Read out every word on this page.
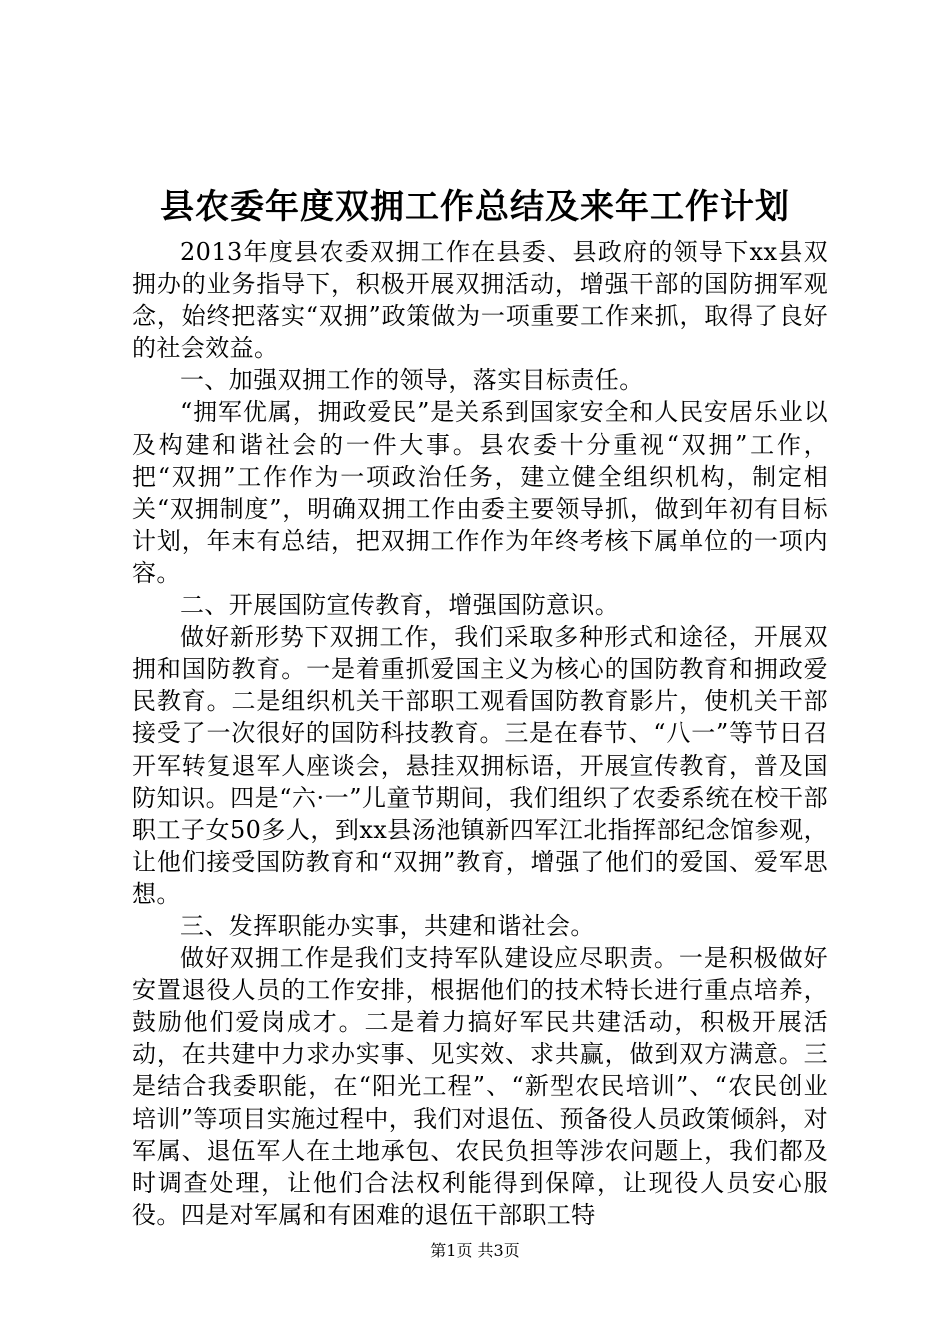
县农委年度双拥工作总结及来年工作计划

2013年度县农委双拥工作在县委、县政府的领导下xx县双拥办的业务指导下，积极开展双拥活动，增强干部的国防拥军观念，始终把落实“双拥”政策做为一项重要工作来抓，取得了良好的社会效益。

一、加强双拥工作的领导，落实目标责任。

“拥军优属，拥政爱民”是关系到国家安全和人民安居乐业以及构建和谐社会的一件大事。县农委十分重视“双拥”工作，把“双拥”工作作为一项政治任务，建立健全组织机构，制定相关“双拥制度”，明确双拥工作由委主要领导抓，做到年初有目标计划，年末有总结，把双拥工作作为年终考核下属单位的一项内容。

二、开展国防宣传教育，增强国防意识。

做好新形势下双拥工作，我们采取多种形式和途径，开展双拥和国防教育。一是着重抓爱国主义为核心的国防教育和拥政爱民教育。二是组织机关干部职工观看国防教育影片，使机关干部接受了一次很好的国防科技教育。三是在春节、“八一”等节日召开军转复退军人座谈会，悬挂双拥标语，开展宣传教育，普及国防知识。四是“六·一”儿童节期间，我们组织了农委系统在校干部职工子女50多人，到xx县汤池镇新四军江北指挥部纪念馆参观，让他们接受国防教育和“双拥”教育，增强了他们的爱国、爱军思想。

三、发挥职能办实事，共建和谐社会。

做好双拥工作是我们支持军队建设应尽职责。一是积极做好安置退役人员的工作安排，根据他们的技术特长进行重点培养，鼓励他们爱岗成才。二是着力搞好军民共建活动，积极开展活动，在共建中力求办实事、见实效、求共赢，做到双方满意。三是结合我委职能，在“阳光工程”、“新型农民培训”、“农民创业培训”等项目实施过程中，我们对退伍、预备役人员政策倾斜，对军属、退伍军人在土地承包、农民负担等涉农问题上，我们都及时调查处理，让他们合法权利能得到保障，让现役人员安心服役。四是对军属和有困难的退伍干部职工特

第1页 共3页
